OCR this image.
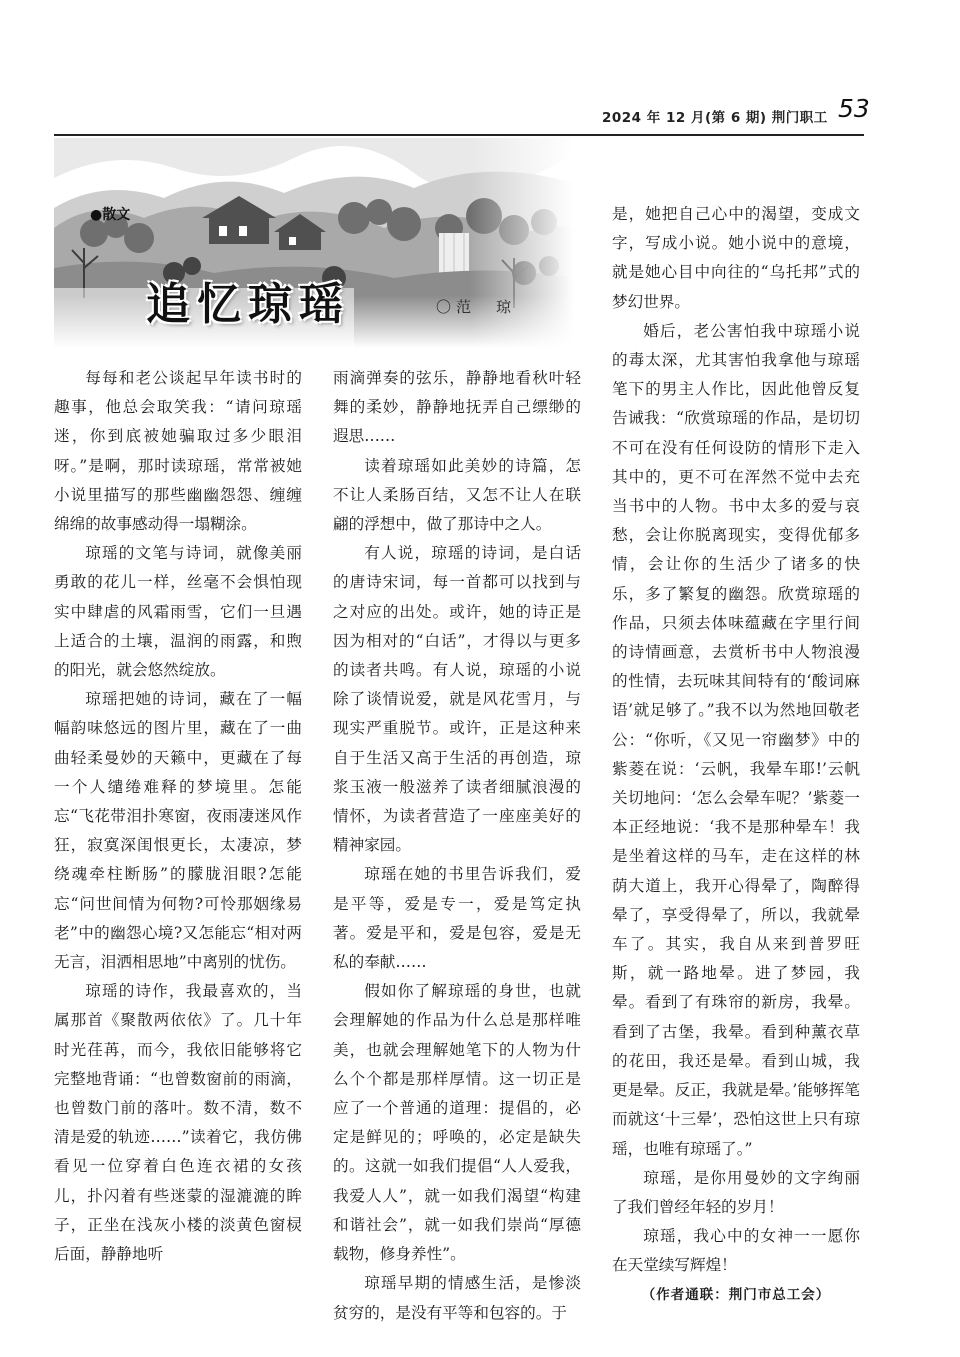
2024 年 12 月(第 6 期) 荆门职工 53
●散文
追忆琼瑶	〇范　琼

每每和老公谈起早年读书时的趣事，他总会取笑我：“请问琼瑶迷，你到底被她骗取过多少眼泪呀。”是啊，那时读琼瑶，常常被她小说里描写的那些幽幽怨怨、缠缠绵绵的故事感动得一塌糊涂。

琼瑶的文笔与诗词，就像美丽勇敢的花儿一样，丝毫不会惧怕现实中肆虐的风霜雨雪，它们一旦遇上适合的土壤，温润的雨露，和煦的阳光，就会悠然绽放。

琼瑶把她的诗词，藏在了一幅幅韵味悠远的图片里，藏在了一曲曲轻柔曼妙的天籁中，更藏在了每一个人缱绻难释的梦境里。怎能忘“飞花带泪扑寒窗，夜雨凄迷风作狂，寂寞深闺恨更长，太凄凉，梦绕魂牵柱断肠”的朦胧泪眼?怎能忘“问世间情为何物?可怜那姻缘易老”中的幽怨心境?又怎能忘“相对两无言，泪洒相思地”中离别的忧伤。

琼瑶的诗作，我最喜欢的，当属那首《聚散两依依》了。几十年时光荏苒，而今，我依旧能够将它完整地背诵：“也曾数窗前的雨滴，也曾数门前的落叶。数不清，数不清是爱的轨迹……”读着它，我仿佛看见一位穿着白色连衣裙的女孩儿，扑闪着有些迷蒙的湿漉漉的眸子，正坐在浅灰小楼的淡黄色窗棂后面，静静地听

雨滴弹奏的弦乐，静静地看秋叶轻舞的柔妙，静静地抚弄自己缥缈的遐思……

读着琼瑶如此美妙的诗篇，怎不让人柔肠百结，又怎不让人在联翩的浮想中，做了那诗中之人。

有人说，琼瑶的诗词，是白话的唐诗宋词，每一首都可以找到与之对应的出处。或许，她的诗正是因为相对的“白话”，才得以与更多的读者共鸣。有人说，琼瑶的小说除了谈情说爱，就是风花雪月，与现实严重脱节。或许，正是这种来自于生活又高于生活的再创造，琼浆玉液一般滋养了读者细腻浪漫的情怀，为读者营造了一座座美好的精神家园。

琼瑶在她的书里告诉我们，爱是平等，爱是专一，爱是笃定执著。爱是平和，爱是包容，爱是无私的奉献……

假如你了解琼瑶的身世，也就会理解她的作品为什么总是那样唯美，也就会理解她笔下的人物为什么个个都是那样厚情。这一切正是应了一个普通的道理：提倡的，必定是鲜见的；呼唤的，必定是缺失的。这就一如我们提倡“人人爱我，我爱人人”，就一如我们渴望“构建和谐社会”，就一如我们崇尚“厚德载物，修身养性”。

琼瑶早期的情感生活，是惨淡贫穷的，是没有平等和包容的。于

是，她把自己心中的渴望，变成文字，写成小说。她小说中的意境，就是她心目中向往的“乌托邦”式的梦幻世界。

婚后，老公害怕我中琼瑶小说的毒太深，尤其害怕我拿他与琼瑶笔下的男主人作比，因此他曾反复告诫我：“欣赏琼瑶的作品，是切切不可在没有任何设防的情形下走入其中的，更不可在浑然不觉中去充当书中的人物。书中太多的爱与哀愁，会让你脱离现实，变得优郁多情，会让你的生活少了诸多的快乐，多了繁复的幽怨。欣赏琼瑶的作品，只须去体味蕴藏在字里行间的诗情画意，去赏析书中人物浪漫的性情，去玩味其间特有的‘酸词麻语’就足够了。”我不以为然地回敬老公：“你听，《又见一帘幽梦》中的紫菱在说：‘云帆，我晕车耶!’云帆关切地问：‘怎么会晕车呢？’紫菱一本正经地说：‘我不是那种晕车！我是坐着这样的马车，走在这样的林荫大道上，我开心得晕了，陶醉得晕了，享受得晕了，所以，我就晕车了。其实，我自从来到普罗旺斯，就一路地晕。进了梦园，我晕。看到了有珠帘的新房，我晕。看到了古堡，我晕。看到种薰衣草的花田，我还是晕。看到山城，我更是晕。反正，我就是晕。’能够挥笔而就这‘十三晕’，恐怕这世上只有琼瑶，也唯有琼瑶了。”

琼瑶，是你用曼妙的文字绚丽了我们曾经年轻的岁月！

琼瑶，我心中的女神一一愿你在天堂续写辉煌！

（作者通联：荆门市总工会）
